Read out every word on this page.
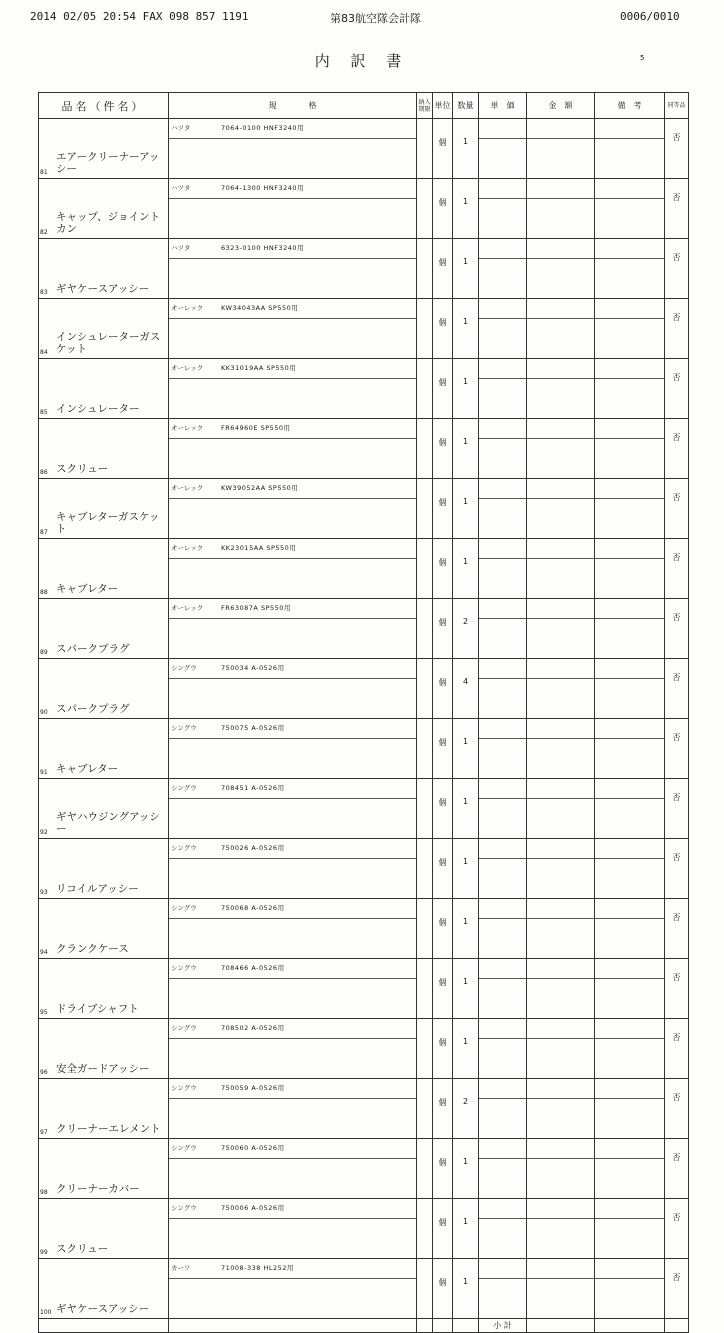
2014 02/05 20:54 FAX 098 857 1191	第83航空隊会計隊	0006/0010
内 訳 書	5
品名（件名）	規　　　　格	納入 期限	単位	数量	単　価	金　額	備　考	同等品

81
エアークリーナーアッシー	ハツタ 7064-0100 HNF3240用		個	1				否

82
キャップ、ジョイントカン	ハツタ 7064-1300 HNF3240用		個	1				否

83 ギヤケースアッシー	ハツタ 6323-0100 HNF3240用		個	1				否

84
インシュレーターガスケット	オーレック KW34043AA SP550用		個	1				否

85 インシュレーター	オーレック KK31019AA SP550用		個	1				否

86 スクリュー	オーレック FR64960E SP550用		個	1				否

87
キャブレターガスケット	オーレック KW39052AA SP550用		個	1				否

88 キャブレター	オーレック KK23015AA SP550用		個	1				否

89 スパークプラグ	オーレック FR63087A SP550用		個	2				否

90 スパークプラグ	シングウ 750034 A-0526用		個	4				否

91 キャブレター	シングウ 750075 A-0526用		個	1				否

92
ギヤハウジングアッシー	シングウ 708451 A-0526用		個	1				否

93 リコイルアッシー	シングウ 750026 A-0526用		個	1				否

94 クランクケース	シングウ 750068 A-0526用		個	1				否

95 ドライブシャフト	シングウ 708466 A-0526用		個	1				否

96 安全ガードアッシー	シングウ 708502 A-0526用		個	1				否

97 クリーナーエレメント	シングウ 750059 A-0526用		個	2				否

98 クリーナーカバー	シングウ 750060 A-0526用		個	1				否

99 スクリュー	シングウ 750006 A-0526用		個	1				否

100 ギヤケースアッシー	カーツ 71008-338 HL252用		個	1				否
					小 計			
